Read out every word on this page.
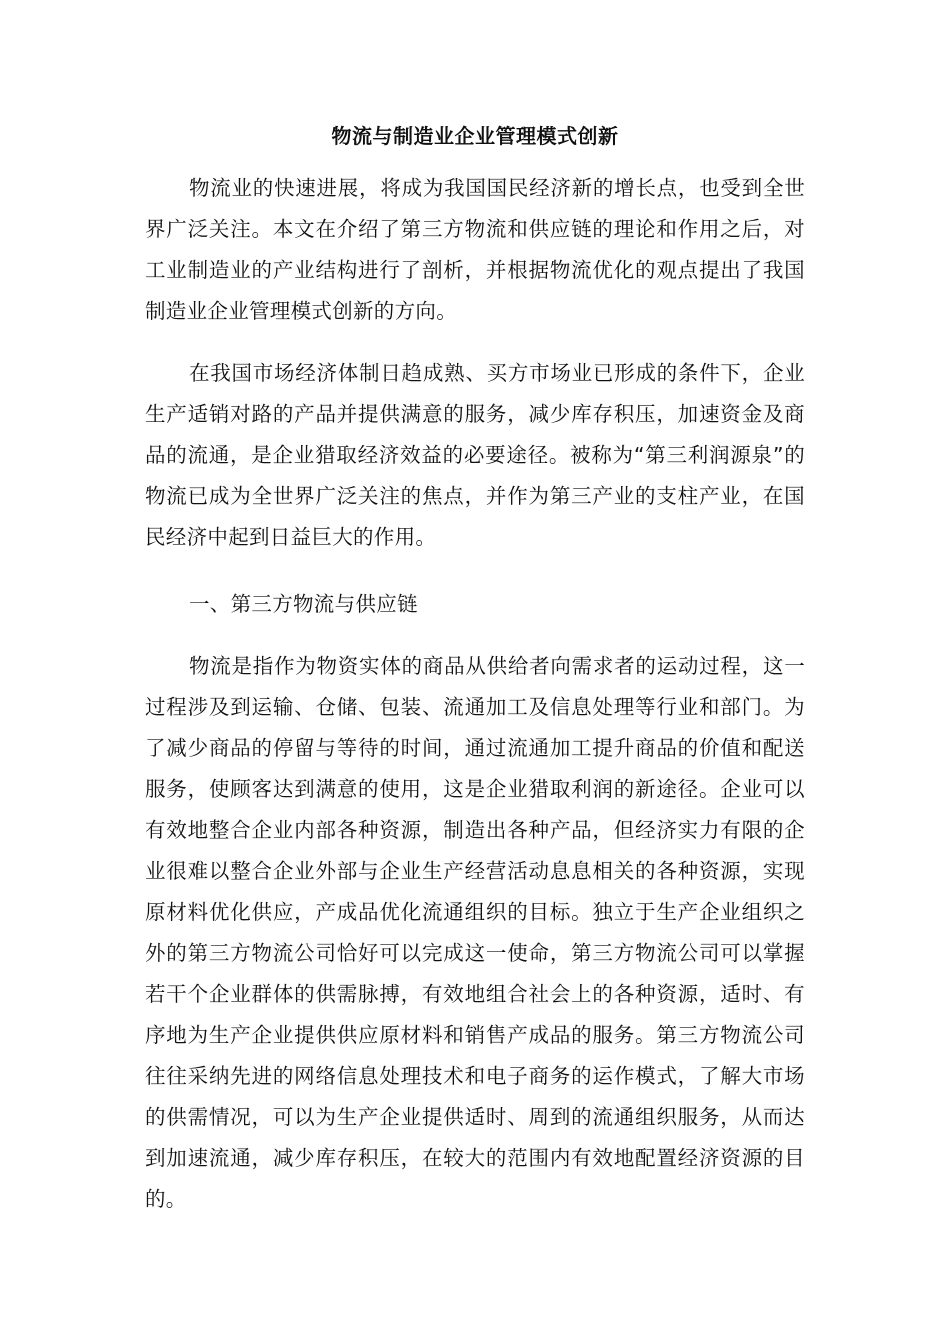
物流与制造业企业管理模式创新

物流业的快速进展，将成为我国国民经济新的增长点，也受到全世界广泛关注。本文在介绍了第三方物流和供应链的理论和作用之后，对工业制造业的产业结构进行了剖析，并根据物流优化的观点提出了我国制造业企业管理模式创新的方向。

在我国市场经济体制日趋成熟、买方市场业已形成的条件下，企业生产适销对路的产品并提供满意的服务，减少库存积压，加速资金及商品的流通，是企业猎取经济效益的必要途径。被称为“第三利润源泉”的物流已成为全世界广泛关注的焦点，并作为第三产业的支柱产业，在国民经济中起到日益巨大的作用。

一、第三方物流与供应链

物流是指作为物资实体的商品从供给者向需求者的运动过程，这一过程涉及到运输、仓储、包装、流通加工及信息处理等行业和部门。为了减少商品的停留与等待的时间，通过流通加工提升商品的价值和配送服务，使顾客达到满意的使用，这是企业猎取利润的新途径。企业可以有效地整合企业内部各种资源，制造出各种产品，但经济实力有限的企业很难以整合企业外部与企业生产经营活动息息相关的各种资源，实现原材料优化供应，产成品优化流通组织的目标。独立于生产企业组织之外的第三方物流公司恰好可以完成这一使命，第三方物流公司可以掌握若干个企业群体的供需脉搏，有效地组合社会上的各种资源，适时、有序地为生产企业提供供应原材料和销售产成品的服务。第三方物流公司往往采纳先进的网络信息处理技术和电子商务的运作模式，了解大市场的供需情况，可以为生产企业提供适时、周到的流通组织服务，从而达到加速流通，减少库存积压，在较大的范围内有效地配置经济资源的目的。
